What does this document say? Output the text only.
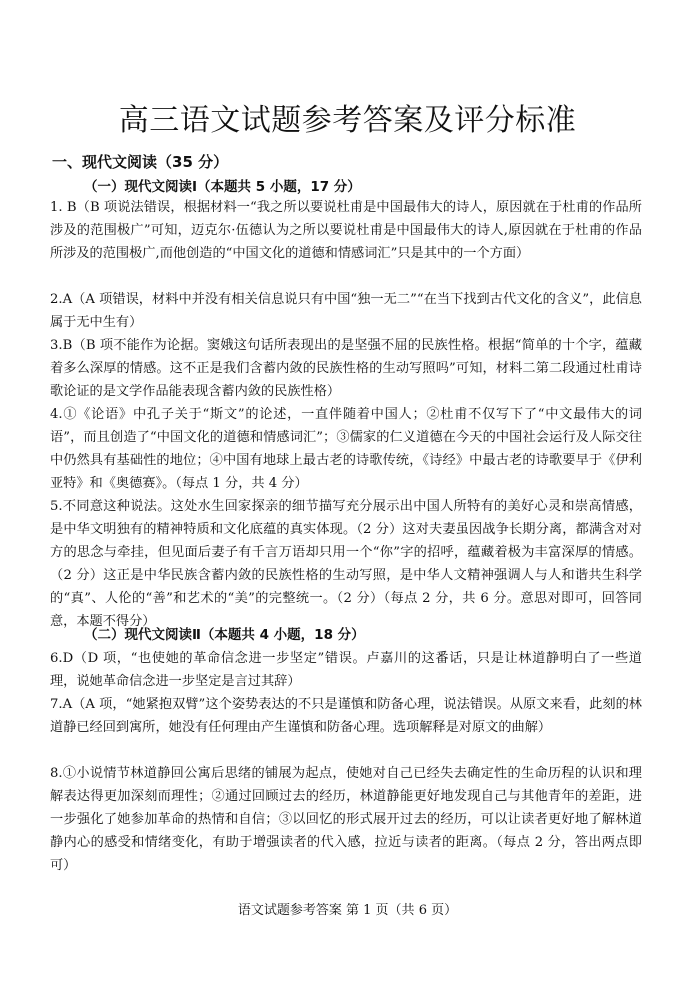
高三语文试题参考答案及评分标准
一、现代文阅读（35 分）
（一）现代文阅读Ⅰ（本题共 5 小题，17 分）

1. B（B 项说法错误，根据材料一“我之所以要说杜甫是中国最伟大的诗人，原因就在于杜甫的作品所涉及的范围极广”可知，迈克尔·伍德认为之所以要说杜甫是中国最伟大的诗人,原因就在于杜甫的作品所涉及的范围极广,而他创造的“中国文化的道德和情感词汇”只是其中的一个方面）

2.A（A 项错误，材料中并没有相关信息说只有中国“独一无二”“在当下找到古代文化的含义”，此信息属于无中生有）

3.B（B 项不能作为论据。窦娥这句话所表现出的是坚强不屈的民族性格。根据“简单的十个字，蕴藏着多么深厚的情感。这不正是我们含蓄内敛的民族性格的生动写照吗”可知，材料二第二段通过杜甫诗歌论证的是文学作品能表现含蓄内敛的民族性格）

4.①《论语》中孔子关于“斯文”的论述，一直伴随着中国人；②杜甫不仅写下了“中文最伟大的词语”，而且创造了“中国文化的道德和情感词汇”；③儒家的仁义道德在今天的中国社会运行及人际交往中仍然具有基础性的地位；④中国有地球上最古老的诗歌传统，《诗经》中最古老的诗歌要早于《伊利亚特》和《奥德赛》。（每点 1 分，共 4 分）

5.不同意这种说法。这处水生回家探亲的细节描写充分展示出中国人所特有的美好心灵和崇高情感，是中华文明独有的精神特质和文化底蕴的真实体现。（2 分）这对夫妻虽因战争长期分离，都满含对对方的思念与牵挂，但见面后妻子有千言万语却只用一个“你”字的招呼，蕴藏着极为丰富深厚的情感。（2 分）这正是中华民族含蓄内敛的民族性格的生动写照，是中华人文精神强调人与人和谐共生科学的“真”、人伦的“善”和艺术的“美”的完整统一。（2 分）（每点 2 分，共 6 分。意思对即可，回答同意，本题不得分）

（二）现代文阅读Ⅱ（本题共 4 小题，18 分）

6.D（D 项，“也使她的革命信念进一步坚定”错误。卢嘉川的这番话，只是让林道静明白了一些道理，说她革命信念进一步坚定是言过其辞）

7.A（A 项，“她紧抱双臂”这个姿势表达的不只是谨慎和防备心理，说法错误。从原文来看，此刻的林道静已经回到寓所，她没有任何理由产生谨慎和防备心理。选项解释是对原文的曲解）

8.①小说情节林道静回公寓后思绪的铺展为起点，使她对自己已经失去确定性的生命历程的认识和理解表达得更加深刻而理性；②通过回顾过去的经历，林道静能更好地发现自己与其他青年的差距，进一步强化了她参加革命的热情和自信；③以回忆的形式展开过去的经历，可以让读者更好地了解林道静内心的感受和情绪变化，有助于增强读者的代入感，拉近与读者的距离。（每点 2 分，答出两点即可）

语文试题参考答案 第 1 页（共 6 页）
